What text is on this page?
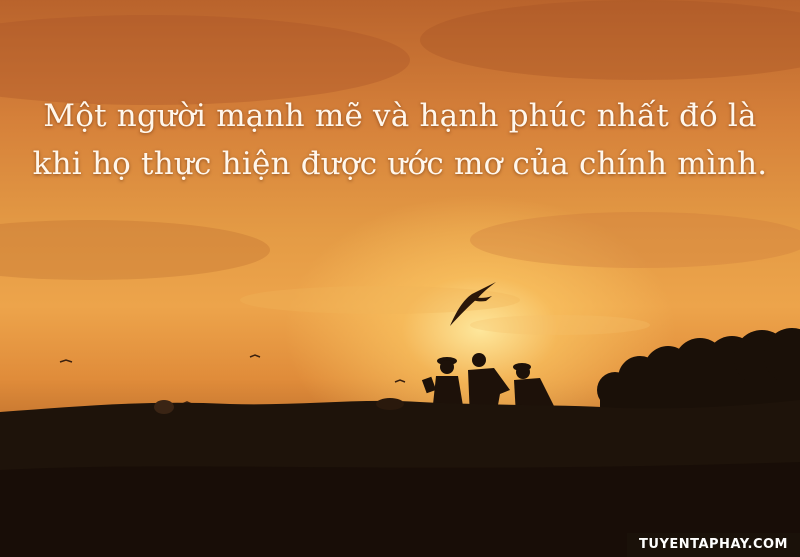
Một người mạnh mẽ và hạnh phúc nhất đó là
khi họ thực hiện được ước mơ của chính mình.
TUYENTAPHAY.COM
